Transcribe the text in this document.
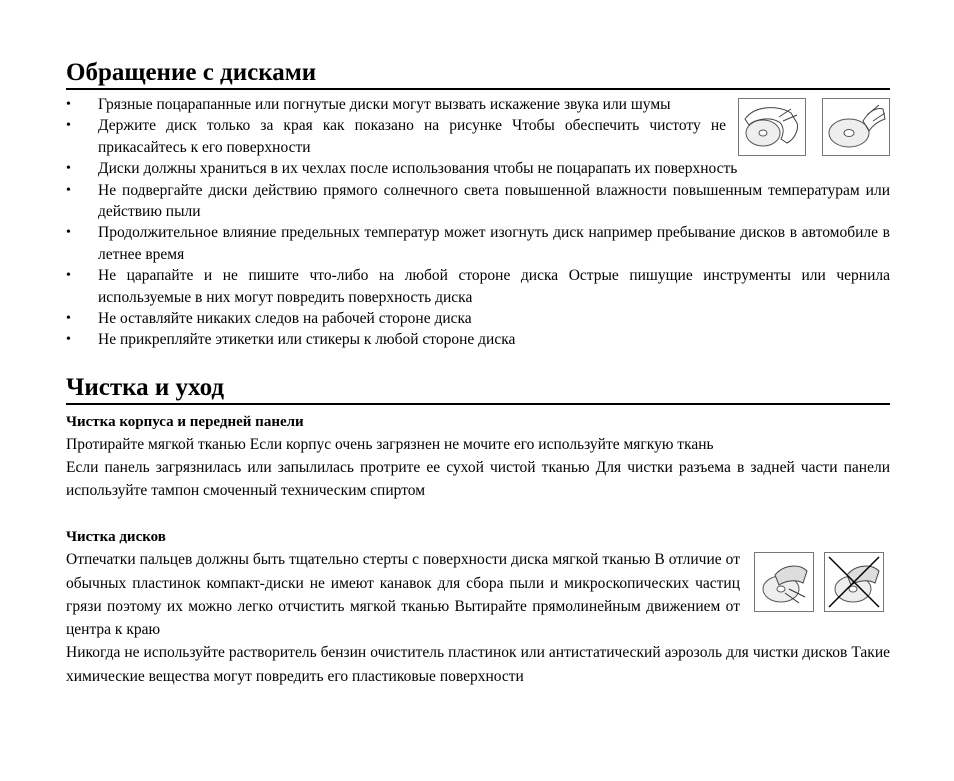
Обращение с дисками
• Грязные поцарапанные или погнутые диски могут вызвать искажение звука или шумы
• Держите диск только за края как показано на рисунке Чтобы обеспечить чистоту не прикасайтесь к его поверхности
• Диски должны храниться в их чехлах после использования чтобы не поцарапать их поверхность
• Не подвергайте диски действию прямого солнечного света повышенной влажности повышенным температурам или действию пыли
• Продолжительное влияние предельных температур может изогнуть диск например пребывание дисков в автомобиле в летнее время
• Не царапайте и не пишите что-либо на любой стороне диска Острые пишущие инструменты или чернила используемые в них могут повредить поверхность диска
• Не оставляйте никаких следов на рабочей стороне диска
• Не прикрепляйте этикетки или стикеры к любой стороне диска
Чистка и уход
Чистка корпуса и передней панели

Протирайте мягкой тканью Если корпус очень загрязнен не мочите его используйте мягкую ткань

Если панель загрязнилась или запылилась протрите ее сухой чистой тканью Для чистки разъема в задней части панели используйте тампон смоченный техническим спиртом

Чистка дисков

Отпечатки пальцев должны быть тщательно стерты с поверхности диска мягкой тканью В отличие от обычных пластинок компакт-диски не имеют канавок для сбора пыли и микроскопических частиц грязи поэтому их можно легко отчистить мягкой тканью Вытирайте прямолинейным движением от центра к краю

Никогда не используйте растворитель бензин очиститель пластинок или антистатический аэрозоль для чистки дисков Такие химические вещества могут повредить его пластиковые поверхности
